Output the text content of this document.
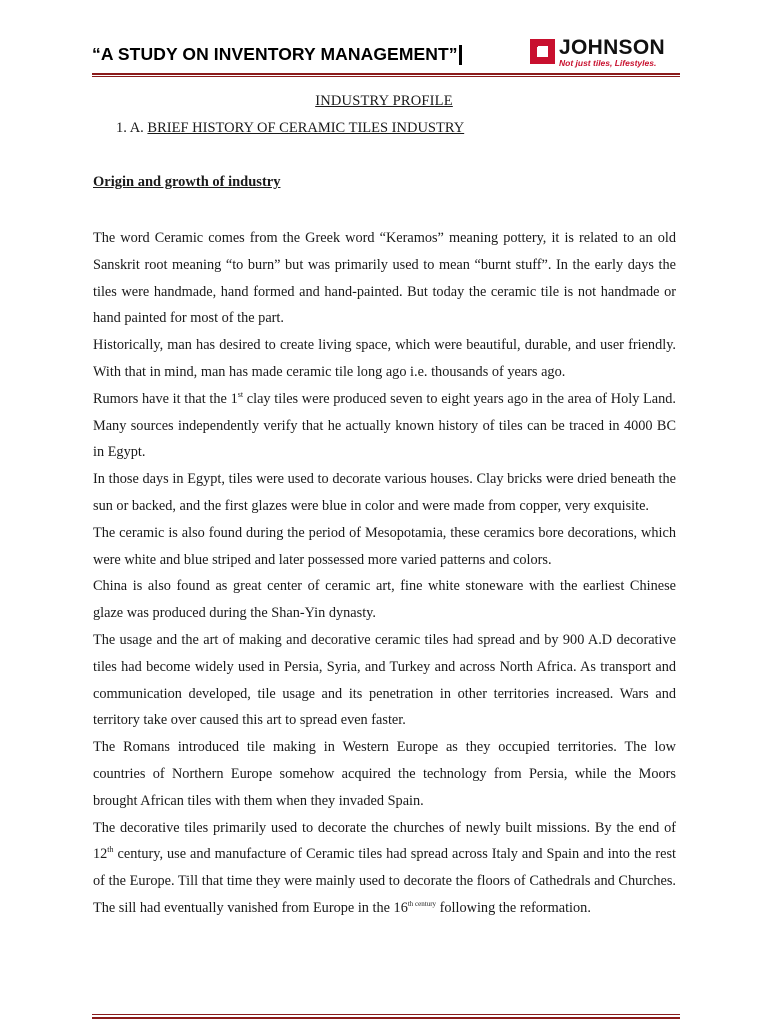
“A STUDY ON INVENTORY MANAGEMENT”	JOHNSON
Not just tiles, Lifestyles.
INDUSTRY PROFILE
1. A. BRIEF HISTORY OF CERAMIC TILES INDUSTRY
Origin and growth of industry

The word Ceramic comes from the Greek word “Keramos” meaning pottery, it is related to an old Sanskrit root meaning “to burn” but was primarily used to mean “burnt stuff”. In the early days the tiles were handmade, hand formed and hand-painted. But today the ceramic tile is not handmade or hand painted for most of the part.

Historically, man has desired to create living space, which were beautiful, durable, and user friendly. With that in mind, man has made ceramic tile long ago i.e. thousands of years ago.

Rumors have it that the 1st clay tiles were produced seven to eight years ago in the area of Holy Land. Many sources independently verify that he actually known history of tiles can be traced in 4000 BC in Egypt.

In those days in Egypt, tiles were used to decorate various houses. Clay bricks were dried beneath the sun or backed, and the first glazes were blue in color and were made from copper, very exquisite.

The ceramic is also found during the period of Mesopotamia, these ceramics bore decorations, which were white and blue striped and later possessed more varied patterns and colors.

China is also found as great center of ceramic art, fine white stoneware with the earliest Chinese glaze was produced during the Shan-Yin dynasty.

The usage and the art of making and decorative ceramic tiles had spread and by 900 A.D decorative tiles had become widely used in Persia, Syria, and Turkey and across North Africa. As transport and communication developed, tile usage and its penetration in other territories increased. Wars and territory take over caused this art to spread even faster.

The Romans introduced tile making in Western Europe as they occupied territories. The low countries of Northern Europe somehow acquired the technology from Persia, while the Moors brought African tiles with them when they invaded Spain.

The decorative tiles primarily used to decorate the churches of newly built missions. By the end of 12th century, use and manufacture of Ceramic tiles had spread across Italy and Spain and into the rest of the Europe. Till that time they were mainly used to decorate the floors of Cathedrals and Churches. The sill had eventually vanished from Europe in the $16^{th century}$ following the reformation.
